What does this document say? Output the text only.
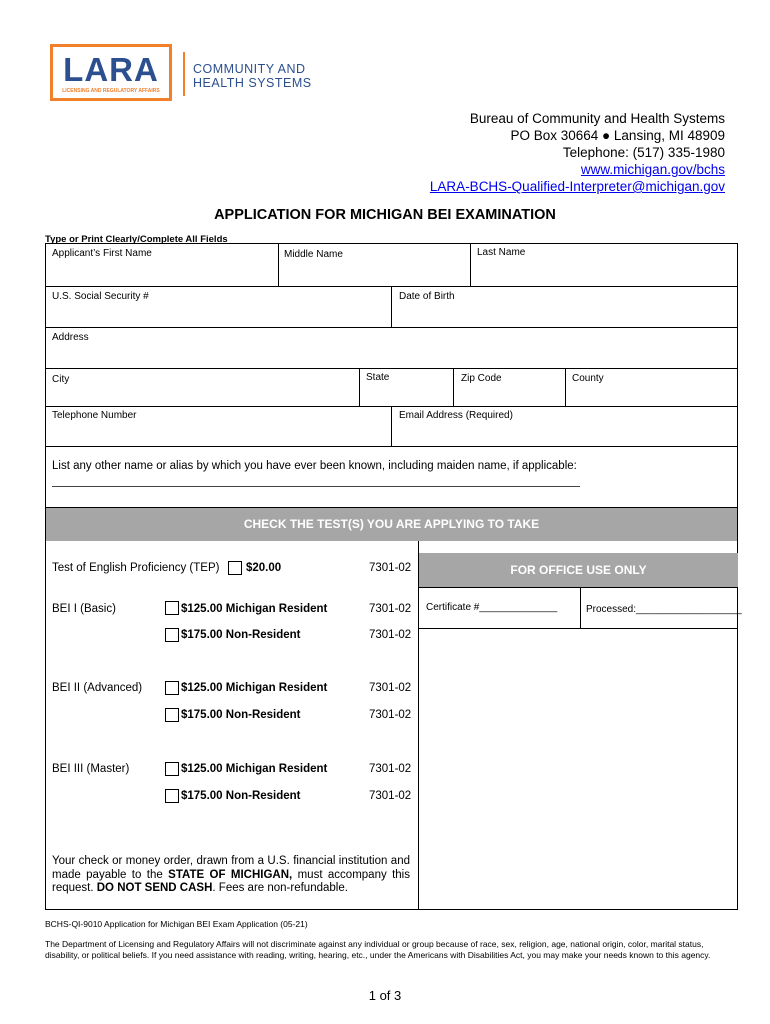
LARA
LICENSING AND REGULATORY AFFAIRS
COMMUNITY AND
HEALTH SYSTEMS
Bureau of Community and Health Systems
PO Box 30664 ● Lansing, MI 48909
Telephone: (517) 335-1980
www.michigan.gov/bchs
LARA-BCHS-Qualified-Interpreter@michigan.gov
APPLICATION FOR MICHIGAN BEI EXAMINATION
Type or Print Clearly/Complete All Fields
Applicant’s First Name	Middle Name	Last Name
U.S. Social Security #	Date of Birth
Address
City	State	Zip Code	County
Telephone Number	Email Address (Required)
List any other name or alias by which you have ever been known, including maiden name, if applicable:
CHECK THE TEST(S) YOU ARE APPLYING TO TAKE
FOR OFFICE USE ONLY
Certificate #______________	Processed:___________________
Test of English Proficiency (TEP) $20.00	7301-02
BEI I (Basic)	$125.00 Michigan Resident	7301-02
$175.00 Non-Resident	7301-02
BEI II (Advanced)	$125.00 Michigan Resident	7301-02
$175.00 Non-Resident	7301-02
BEI III (Master)	$125.00 Michigan Resident	7301-02
$175.00 Non-Resident	7301-02
Your check or money order, drawn from a U.S. financial institution and made payable to the STATE OF MICHIGAN, must accompany this request. DO NOT SEND CASH. Fees are non-refundable.
BCHS-QI-9010 Application for Michigan BEI Exam Application (05-21)
The Department of Licensing and Regulatory Affairs will not discriminate against any individual or group because of race, sex, religion, age, national origin, color, marital status, disability, or political beliefs. If you need assistance with reading, writing, hearing, etc., under the Americans with Disabilities Act, you may make your needs known to this agency.
1 of 3
